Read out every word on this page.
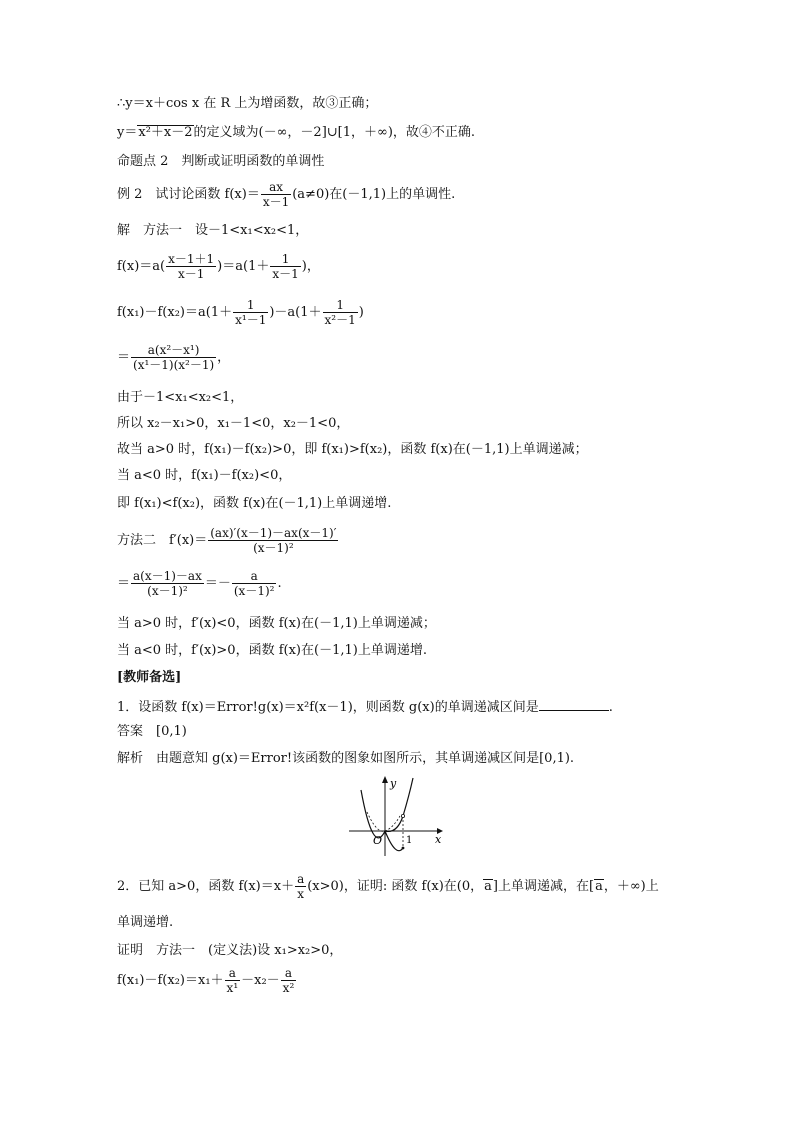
∴y＝x＋cos x 在 R 上为增函数，故③正确；
y＝x²＋x－2的定义域为(－∞，－2]∪[1，＋∞)，故④不正确.
命题点 2　判断或证明函数的单调性
例 2　试讨论函数 $f(x)= \frac{ax}{x-1} (a\ne 0)$在(－1,1)上的单调性.
解　方法一　设－1<x₁<x₂<1，
$f(x)=a( \frac{x-1+1}{x-1} )=a(1+ \frac{1}{x-1}$ )，
$f(x_1)-f(x_2)=a(1+ \frac{1}{\text{x¹－1}} )-a(1+ \frac{1}{\text{x²－1}}$ )
＝ $\frac{\text{a(x²－x¹)}}{\text{(x¹－1)(x²－1)}}$ ，
由于－1<x₁<x₂<1，
所以 x₂－x₁>0，x₁－1<0，x₂－1<0，
故当 a>0 时，f(x₁)－f(x₂)>0，即 f(x₁)>f(x₂)，函数 f(x)在(－1,1)上单调递减；
当 a<0 时，f(x₁)－f(x₂)<0，
即 f(x₁)<f(x₂)，函数 f(x)在(－1,1)上单调递增.
方法二　$f'(x)= \frac{(ax)'(x-1)-ax(x-1)'}{\text{(x－1)²}}$
＝ $\frac{a(x-1)-ax}{\text{(x－1)²}} =- \frac{a}{\text{(x－1)²}}$ .
当 a>0 时，f′(x)<0，函数 f(x)在(－1,1)上单调递减；
当 a<0 时，f′(x)>0，函数 f(x)在(－1,1)上单调递增.
[教师备选]
1．设函数 f(x)＝Error!g(x)＝x²f(x－1)，则函数 g(x)的单调递减区间是	.
答案　[0,1)
解析　由题意知 g(x)＝Error!该函数的图象如图所示，其单调递减区间是[0,1).
y
x
O 1
2．已知 a>0，函数 $f(x)=x+ \frac{a}{x} (x>0)$，证明: 函数 f(x)在(0，a]上单调递减，在[a，＋∞)上
单调递增.
证明　方法一　(定义法)设 x₁>x₂>0，
$f(x_1)-f(x_2)=x_1+ \frac{a}{\text{x¹}} -x_2- \frac{a}{\text{x²}}$
